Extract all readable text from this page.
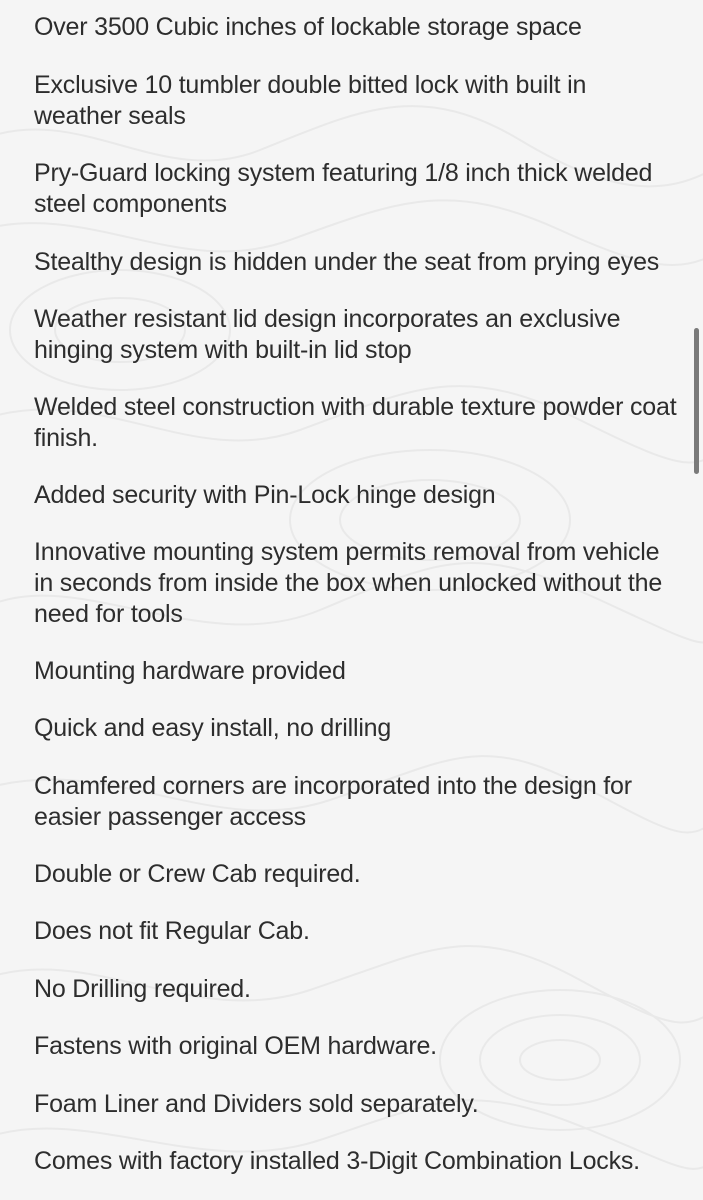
Over 3500 Cubic inches of lockable storage space
Exclusive 10 tumbler double bitted lock with built in weather seals
Pry-Guard locking system featuring 1/8 inch thick welded steel components
Stealthy design is hidden under the seat from prying eyes
Weather resistant lid design incorporates an exclusive hinging system with built-in lid stop
Welded steel construction with durable texture powder coat finish.
Added security with Pin-Lock hinge design
Innovative mounting system permits removal from vehicle in seconds from inside the box when unlocked without the need for tools
Mounting hardware provided
Quick and easy install, no drilling
Chamfered corners are incorporated into the design for easier passenger access
Double or Crew Cab required.
Does not fit Regular Cab.
No Drilling required.
Fastens with original OEM hardware.
Foam Liner and Dividers sold separately.
Comes with factory installed 3-Digit Combination Locks.
